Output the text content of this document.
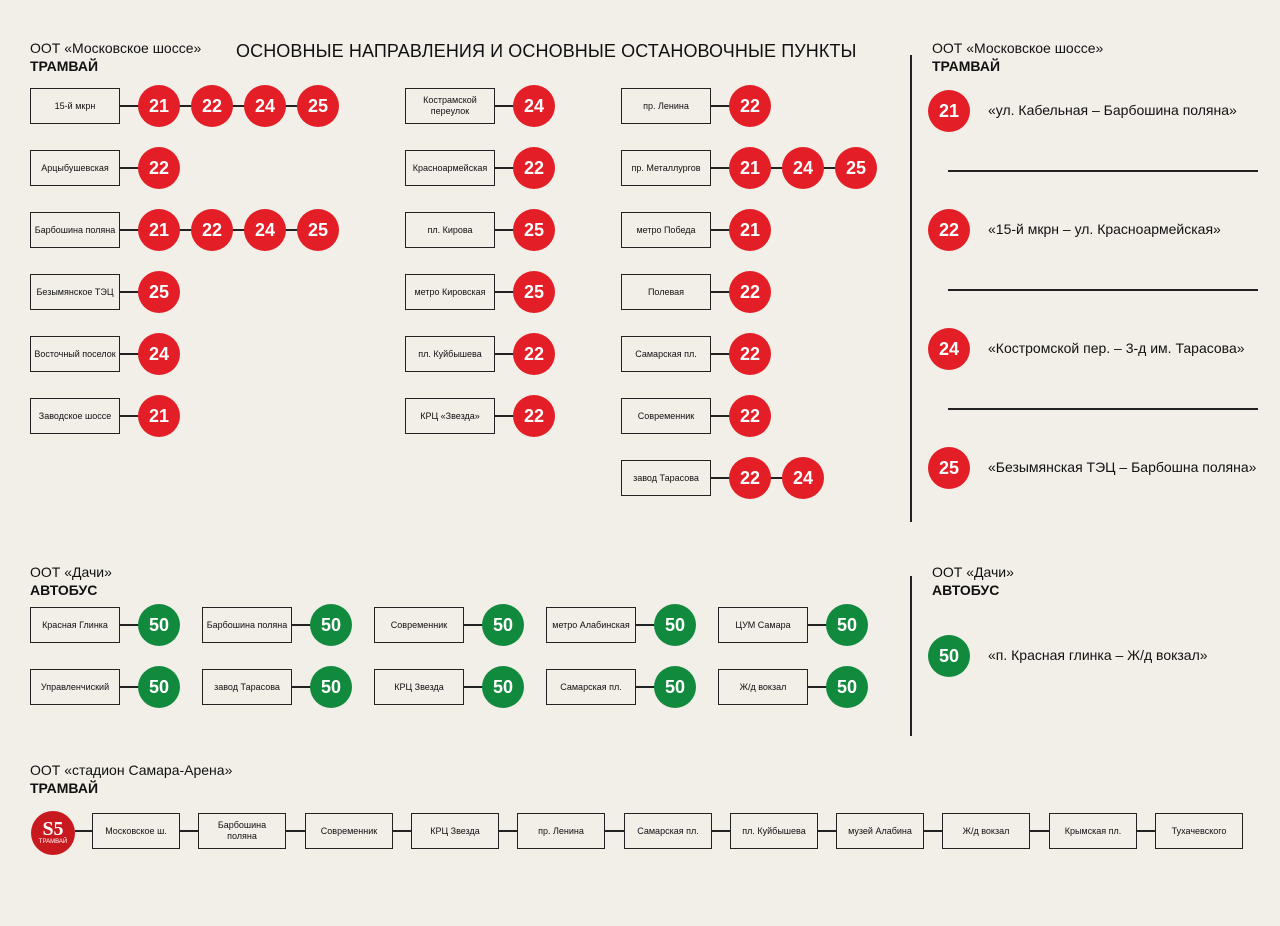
ООТ «Московское шоссе»
ТРАМВАЙ
ОСНОВНЫЕ НАПРАВЛЕНИЯ И ОСНОВНЫЕ ОСТАНОВОЧНЫЕ ПУНКТЫ	ООТ «Московское шоссе»
ТРАМВАЙ
ООТ «Дачи»
АВТОБУС
ООТ «Дачи»
АВТОБУС
ООТ «стадион Самара-Арена»
ТРАМВАЙ
S5
ТРАМВАЙ
15-й мкрн	21	22	24	25
Арцыбушевская	22
Барбошина поляна	21	22	24	25
Безымянское ТЭЦ	25
Восточный поселок	24
Заводское шоссе	21
Кострамской переулок	24
Красноармейская	22
пл. Кирова	25
метро Кировская	25
пл. Куйбышева	22
КРЦ «Звезда»	22
пр. Ленина	22
пр. Металлургов	21	24	25
метро Победа	21
Полевая	22
Самарская пл.	22
Современник	22
завод Тарасова	22	24
21	«ул. Кабельная – Барбошина поляна»
22	«15-й мкрн – ул. Красноармейская»
24	«Костромской пер. – 3-д им. Тарасова»
25	«Безымянская ТЭЦ – Барбошна поляна»
Красная Глинка	50	Барбошина поляна	50	Современник	50	метро Алабинская	50	ЦУМ Самара	50
Управленчиский	50	завод Тарасова	50	КРЦ Звезда	50	Самарская пл.	50	Ж/д вокзал	50
50	«п. Красная глинка – Ж/д вокзал»
Московское ш.
Барбошина поляна
Современник	КРЦ Звезда	пр. Ленина	Самарская пл.	пл. Куйбышева	музей Алабина	Ж/д вокзал	Крымская пл.	Тухачевского
